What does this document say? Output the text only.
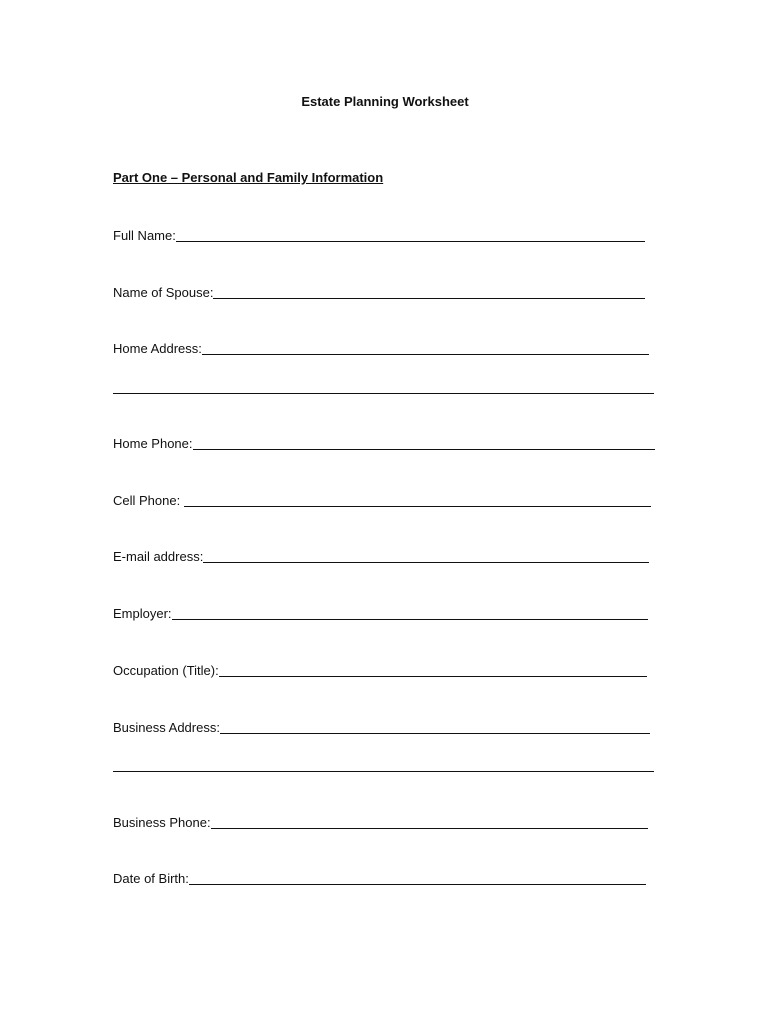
Estate Planning Worksheet
Part One – Personal and Family Information
Full Name:
Name of Spouse:
Home Address:
Home Phone:
Cell Phone:
E-mail address:
Employer:
Occupation (Title):
Business Address:
Business Phone:
Date of Birth:
